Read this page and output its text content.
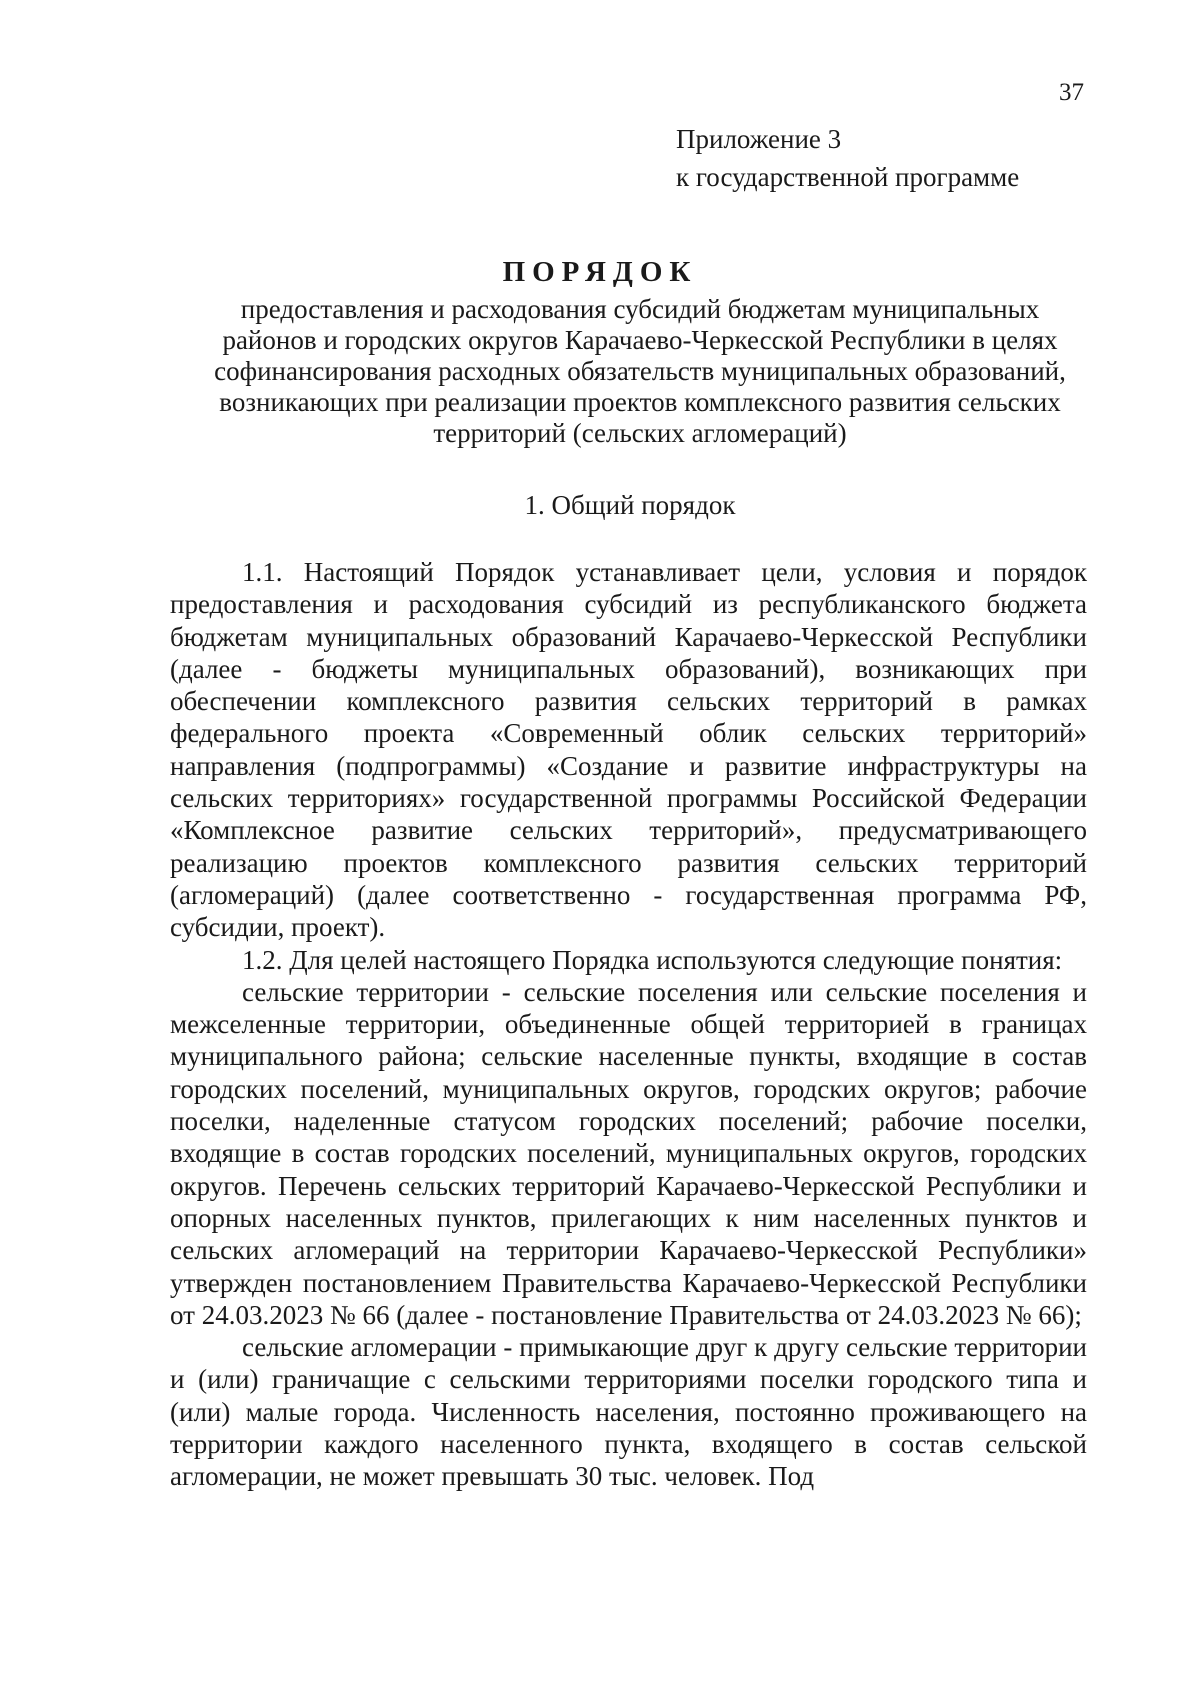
37
Приложение 3
к государственной программе
ПОРЯДОК
предоставления и расходования субсидий бюджетам муниципальных
районов и городских округов Карачаево-Черкесской Республики в целях
софинансирования расходных обязательств муниципальных образований,
возникающих при реализации проектов комплексного развития сельских
территорий (сельских агломераций)
1. Общий порядок

1.1. Настоящий Порядок устанавливает цели, условия и порядок предоставления и расходования субсидий из республиканского бюджета бюджетам муниципальных образований Карачаево-Черкесской Республики (далее - бюджеты муниципальных образований), возникающих при обеспечении комплексного развития сельских территорий в рамках федерального проекта «Современный облик сельских территорий» направления (подпрограммы) «Создание и развитие инфраструктуры на сельских территориях» государственной программы Российской Федерации «Комплексное развитие сельских территорий», предусматривающего реализацию проектов комплексного развития сельских территорий (агломераций) (далее соответственно - государственная программа РФ, субсидии, проект).

1.2. Для целей настоящего Порядка используются следующие понятия:

сельские территории - сельские поселения или сельские поселения и межселенные территории, объединенные общей территорией в границах муниципального района; сельские населенные пункты, входящие в состав городских поселений, муниципальных округов, городских округов; рабочие поселки, наделенные статусом городских поселений; рабочие поселки, входящие в состав городских поселений, муниципальных округов, городских округов. Перечень сельских территорий Карачаево-Черкесской Республики и опорных населенных пунктов, прилегающих к ним населенных пунктов и сельских агломераций на территории Карачаево-Черкесской Республики» утвержден постановлением Правительства Карачаево-Черкесской Республики от 24.03.2023 № 66 (далее - постановление Правительства от 24.03.2023 № 66);

сельские агломерации - примыкающие друг к другу сельские территории и (или) граничащие с сельскими территориями поселки городского типа и (или) малые города. Численность населения, постоянно проживающего на территории каждого населенного пункта, входящего в состав сельской агломерации, не может превышать 30 тыс. человек. Под
